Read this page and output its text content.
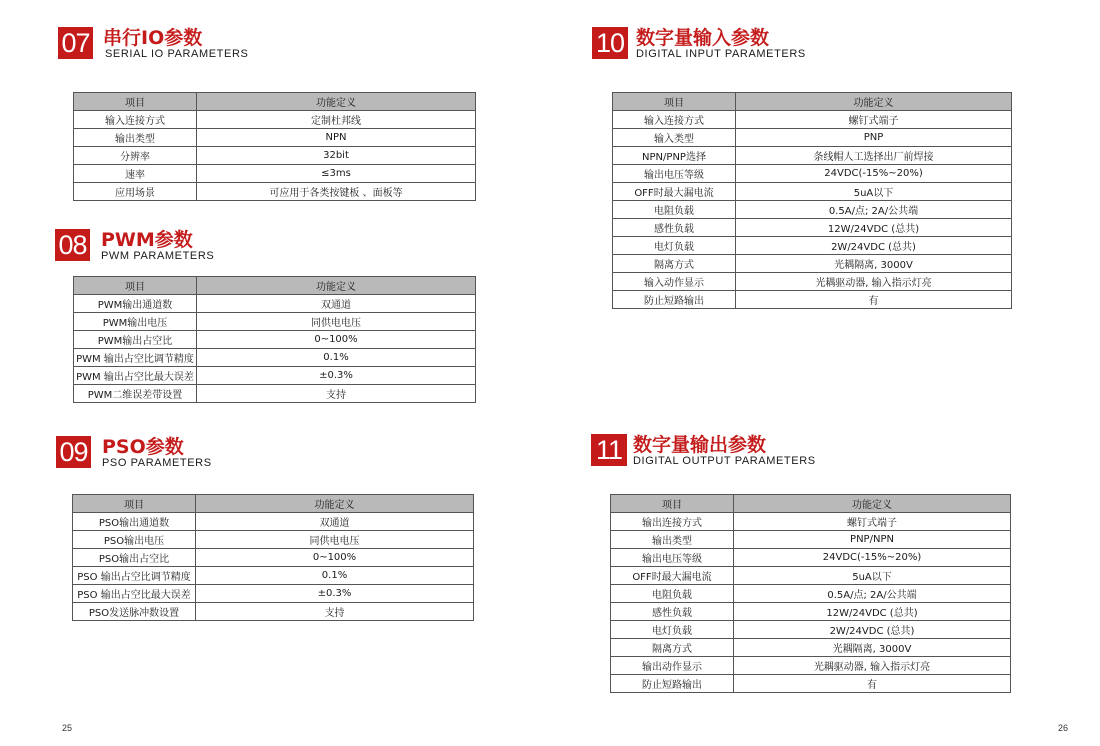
07 串行IO参数
SERIAL IO PARAMETERS
项目	功能定义
输入连接方式	定制杜邦线
输出类型	NPN
分辨率	32bit
速率	≤3ms
应用场景	可应用于各类按键板 、面板等
08 PWM参数
PWM PARAMETERS
项目	功能定义
PWM输出通道数	双通道
PWM输出电压	同供电电压
PWM输出占空比	0~100%
PWM 输出占空比调节精度	0.1%
PWM 输出占空比最大误差	±0.3%
PWM二维误差带设置	支持
09 PSO参数
PSO PARAMETERS
项目	功能定义
PSO输出通道数	双通道
PSO输出电压	同供电电压
PSO输出占空比	0~100%
PSO 输出占空比调节精度	0.1%
PSO 输出占空比最大误差	±0.3%
PSO发送脉冲数设置	支持
10 数字量输入参数
DIGITAL INPUT PARAMETERS
项目	功能定义
输入连接方式	螺钉式端子
输入类型	PNP
NPN/PNP选择	条线帽人工选择出厂前焊接
输出电压等级	24VDC(-15%~20%)
OFF时最大漏电流	5uA以下
电阻负载	0.5A/点; 2A/公共端
感性负载	12W/24VDC (总共)
电灯负载	2W/24VDC (总共)
隔离方式	光耦隔离, 3000V
输入动作显示	光耦驱动器, 输入指示灯亮
防止短路输出	有
11 数字量输出参数
DIGITAL OUTPUT PARAMETERS
项目	功能定义
输出连接方式	螺钉式端子
输出类型	PNP/NPN
输出电压等级	24VDC(-15%~20%)
OFF时最大漏电流	5uA以下
电阻负载	0.5A/点; 2A/公共端
感性负载	12W/24VDC (总共)
电灯负载	2W/24VDC (总共)
隔离方式	光耦隔离, 3000V
输出动作显示	光耦驱动器, 输入指示灯亮
防止短路输出	有
25	26
